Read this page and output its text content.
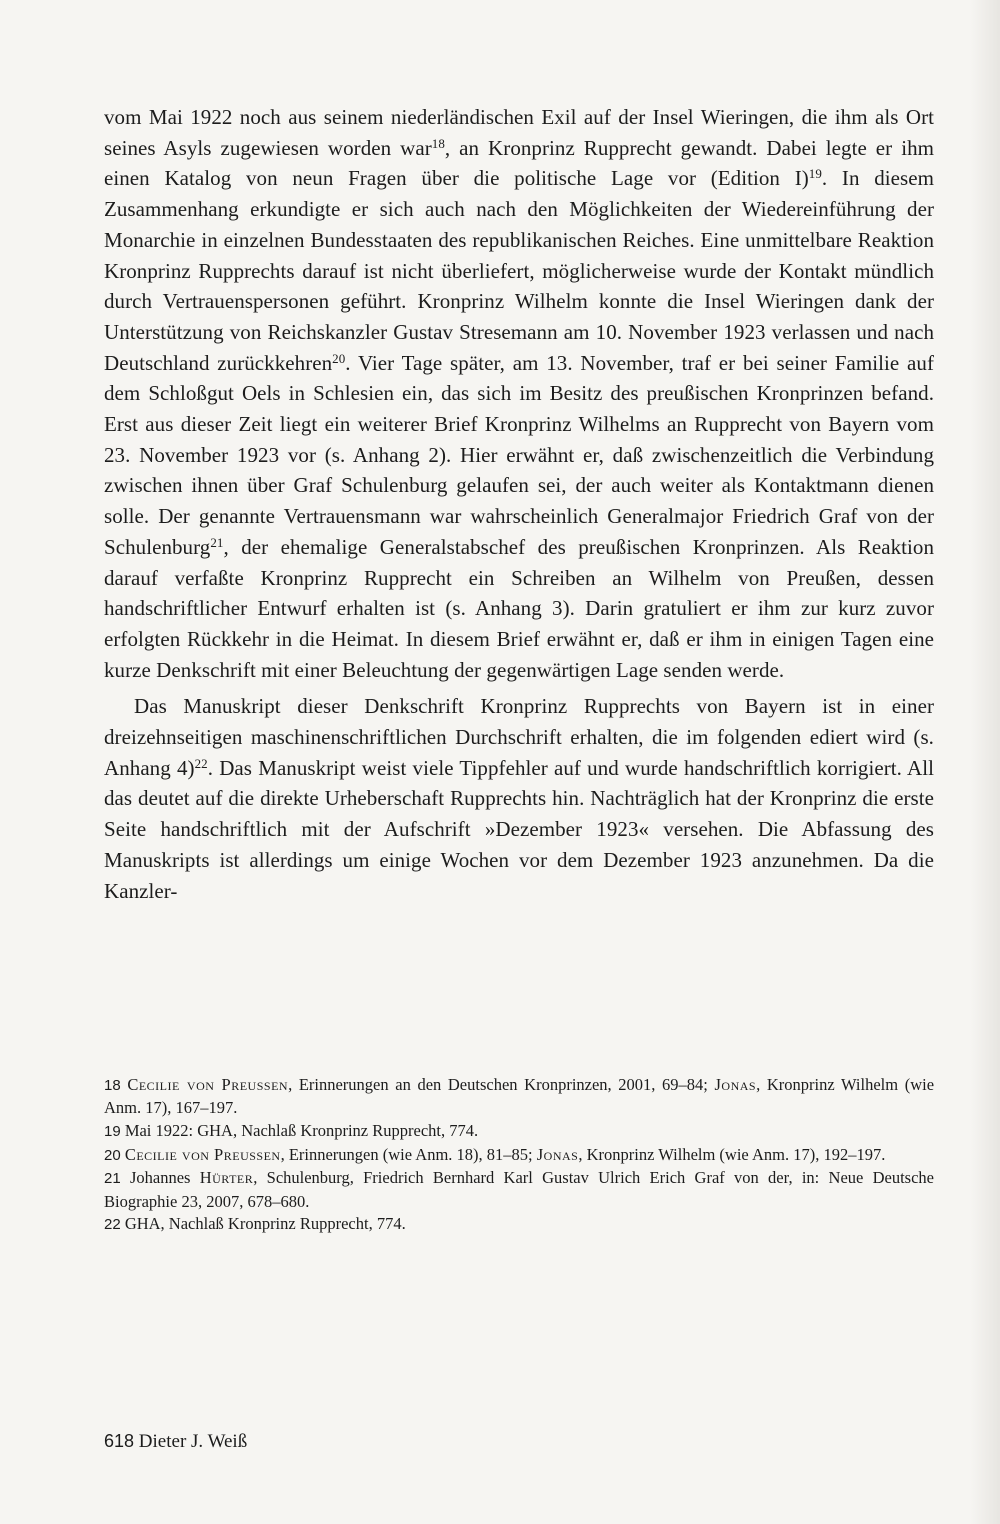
vom Mai 1922 noch aus seinem niederländischen Exil auf der Insel Wieringen, die ihm als Ort seines Asyls zugewiesen worden war$^{18}$, an Kronprinz Rupprecht gewandt. Dabei legte er ihm einen Katalog von neun Fragen über die politische Lage vor (Edition I)$^{19}$. In diesem Zusammenhang erkundigte er sich auch nach den Möglichkeiten der Wiedereinführung der Monarchie in einzelnen Bundesstaaten des republikanischen Reiches. Eine unmittelbare Reaktion Kronprinz Rupprechts darauf ist nicht überliefert, möglicherweise wurde der Kontakt mündlich durch Vertrauenspersonen geführt. Kronprinz Wilhelm konnte die Insel Wieringen dank der Unterstützung von Reichskanzler Gustav Stresemann am 10. November 1923 verlassen und nach Deutschland zurückkehren$^{20}$. Vier Tage später, am 13. November, traf er bei seiner Familie auf dem Schloßgut Oels in Schlesien ein, das sich im Besitz des preußischen Kronprinzen befand. Erst aus dieser Zeit liegt ein weiterer Brief Kronprinz Wilhelms an Rupprecht von Bayern vom 23. November 1923 vor (s. Anhang 2). Hier erwähnt er, daß zwischenzeitlich die Verbindung zwischen ihnen über Graf Schulenburg gelaufen sei, der auch weiter als Kontaktmann dienen solle. Der genannte Vertrauensmann war wahrscheinlich Generalmajor Friedrich Graf von der Schulenburg$^{21}$, der ehemalige Generalstabschef des preußischen Kronprinzen. Als Reaktion darauf verfaßte Kronprinz Rupprecht ein Schreiben an Wilhelm von Preußen, dessen handschriftlicher Entwurf erhalten ist (s. Anhang 3). Darin gratuliert er ihm zur kurz zuvor erfolgten Rückkehr in die Heimat. In diesem Brief erwähnt er, daß er ihm in einigen Tagen eine kurze Denkschrift mit einer Beleuchtung der gegenwärtigen Lage senden werde.

Das Manuskript dieser Denkschrift Kronprinz Rupprechts von Bayern ist in einer dreizehnseitigen maschinenschriftlichen Durchschrift erhalten, die im folgenden ediert wird (s. Anhang 4)$^{22}$. Das Manuskript weist viele Tippfehler auf und wurde handschriftlich korrigiert. All das deutet auf die direkte Urheberschaft Rupprechts hin. Nachträglich hat der Kronprinz die erste Seite handschriftlich mit der Aufschrift »Dezember 1923« versehen. Die Abfassung des Manuskripts ist allerdings um einige Wochen vor dem Dezember 1923 anzunehmen. Da die Kanzler-

18 Cecilie von Preussen, Erinnerungen an den Deutschen Kronprinzen, 2001, 69–84; Jonas, Kronprinz Wilhelm (wie Anm. 17), 167–197.
19 Mai 1922: GHA, Nachlaß Kronprinz Rupprecht, 774.
20 Cecilie von Preussen, Erinnerungen (wie Anm. 18), 81–85; Jonas, Kronprinz Wilhelm (wie Anm. 17), 192–197.
21 Johannes Hürter, Schulenburg, Friedrich Bernhard Karl Gustav Ulrich Erich Graf von der, in: Neue Deutsche Biographie 23, 2007, 678–680.
22 GHA, Nachlaß Kronprinz Rupprecht, 774.
618 Dieter J. Weiß
